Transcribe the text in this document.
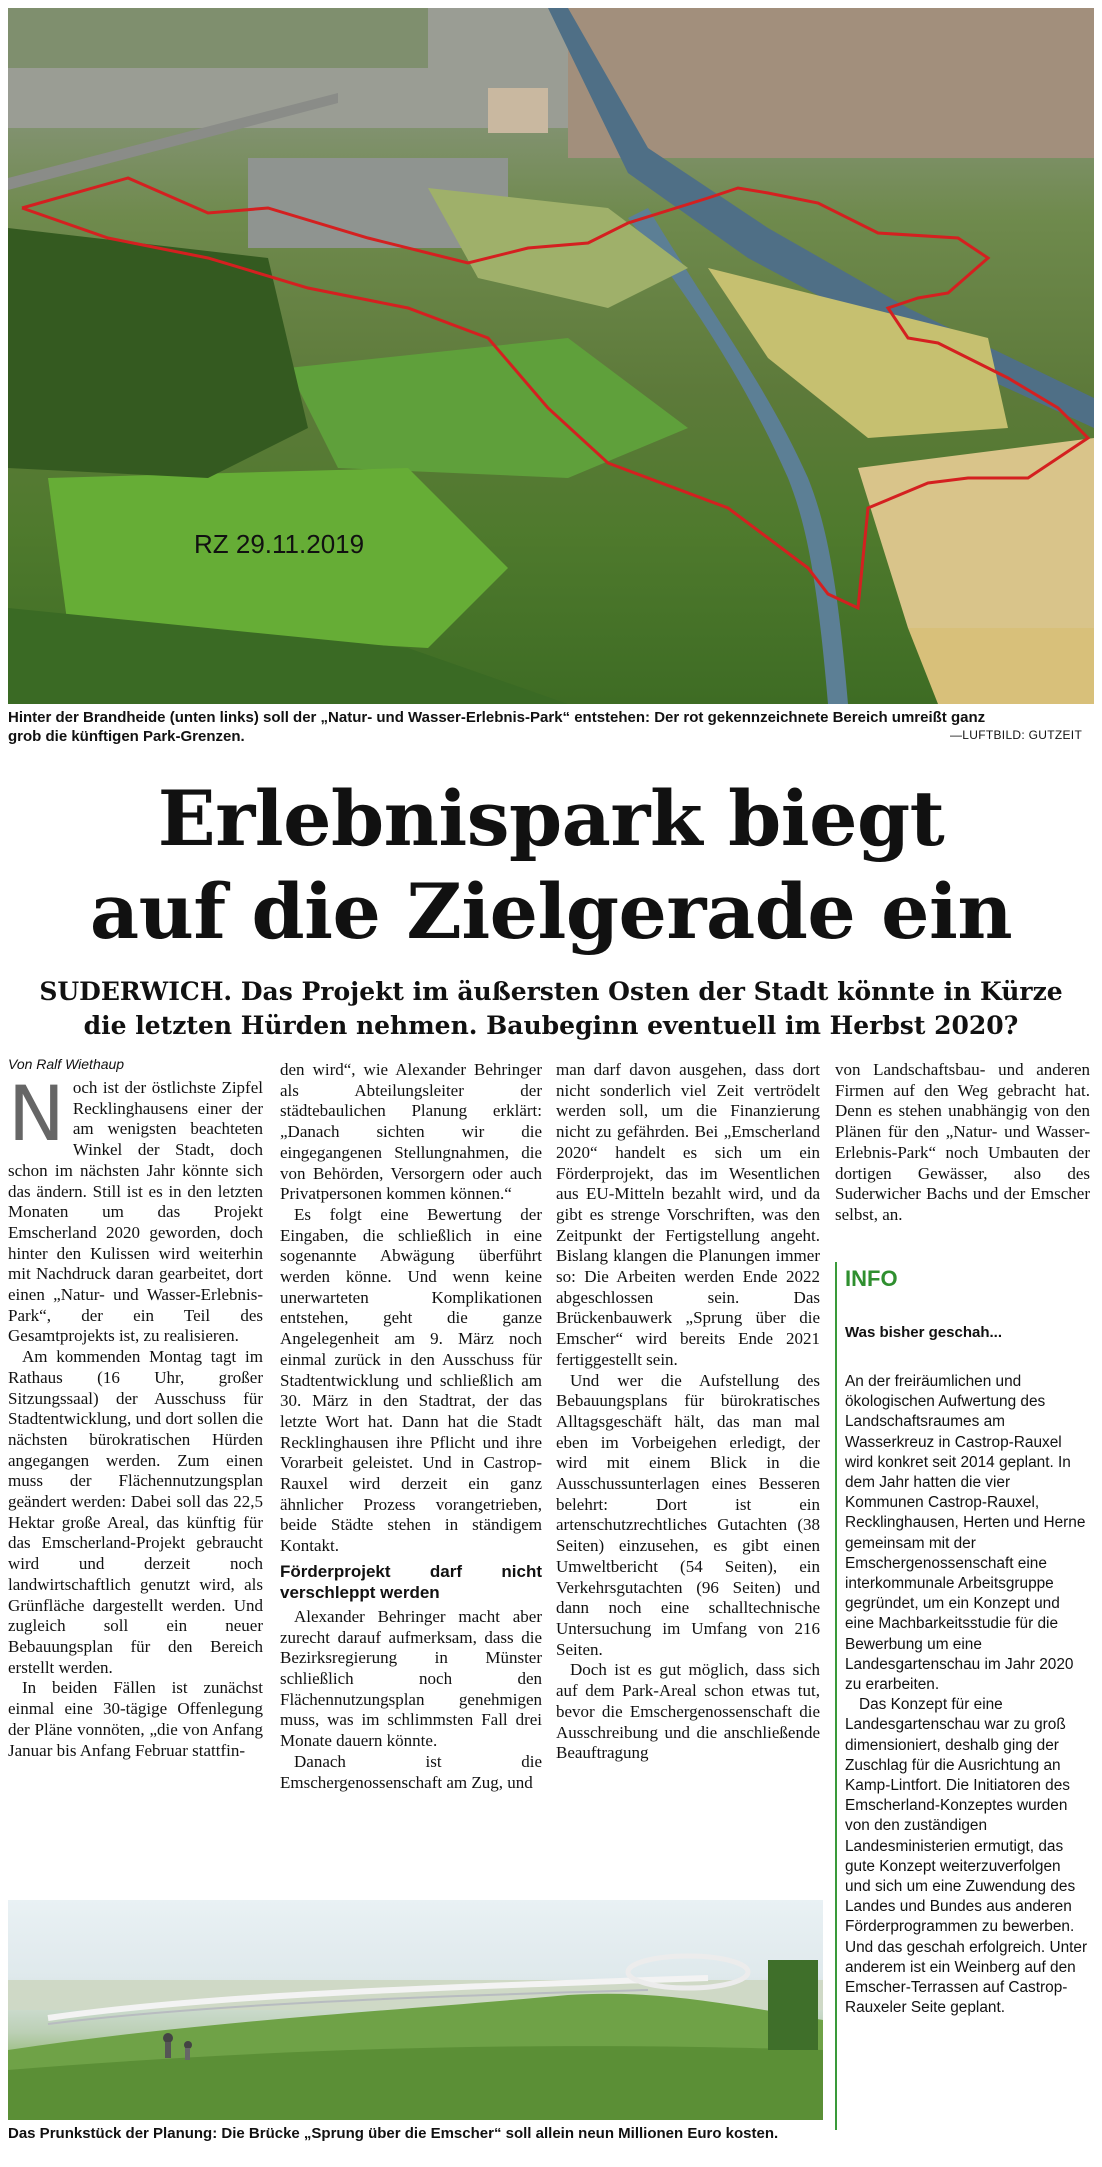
RZ 29.11.2019
Hinter der Brandheide (unten links) soll der „Natur- und Wasser-Erlebnis-Park“ entstehen: Der rot gekennzeichnete Bereich umreißt ganz grob die künftigen Park-Grenzen.	—LUFTBILD: GUTZEIT
Erlebnispark biegt
auf die Zielgerade ein
SUDERWICH. Das Projekt im äußersten Osten der Stadt könnte in Kürze die letzten Hürden nehmen. Baubeginn eventuell im Herbst 2020?
Von Ralf Wiethaup
N och ist der östlichste Zipfel Recklinghausens einer der am wenigsten beachteten Winkel der Stadt, doch schon im nächsten Jahr könnte sich das ändern. Still ist es in den letzten Monaten um das Projekt Emscherland 2020 geworden, doch hinter den Kulissen wird weiterhin mit Nachdruck daran gearbeitet, dort einen „Natur- und Wasser-Erlebnis-Park“, der ein Teil des Gesamtprojekts ist, zu realisieren.

Am kommenden Montag tagt im Rathaus (16 Uhr, großer Sitzungssaal) der Ausschuss für Stadtentwicklung, und dort sollen die nächsten bürokratischen Hürden angegangen werden. Zum einen muss der Flächennutzungsplan geändert werden: Dabei soll das 22,5 Hektar große Areal, das künftig für das Emscherland-Projekt gebraucht wird und derzeit noch landwirtschaftlich genutzt wird, als Grünfläche dargestellt werden. Und zugleich soll ein neuer Bebauungsplan für den Bereich erstellt werden.

In beiden Fällen ist zunächst einmal eine 30-tägige Offenlegung der Pläne vonnöten, „die von Anfang Januar bis Anfang Februar stattfin-

den wird“, wie Alexander Behringer als Abteilungsleiter der städtebaulichen Planung erklärt: „Danach sichten wir die eingegangenen Stellungnahmen, die von Behörden, Versorgern oder auch Privatpersonen kommen können.“

Es folgt eine Bewertung der Eingaben, die schließlich in eine sogenannte Abwägung überführt werden könne. Und wenn keine unerwarteten Komplikationen entstehen, geht die ganze Angelegenheit am 9. März noch einmal zurück in den Ausschuss für Stadtentwicklung und schließlich am 30. März in den Stadtrat, der das letzte Wort hat. Dann hat die Stadt Recklinghausen ihre Pflicht und ihre Vorarbeit geleistet. Und in Castrop-Rauxel wird derzeit ein ganz ähnlicher Prozess vorangetrieben, beide Städte stehen in ständigem Kontakt.

Förderprojekt darf nicht verschleppt werden

Alexander Behringer macht aber zurecht darauf aufmerksam, dass die Bezirksregierung in Münster schließlich noch den Flächennutzungsplan genehmigen muss, was im schlimmsten Fall drei Monate dauern könnte.

Danach ist die Emschergenossenschaft am Zug, und

man darf davon ausgehen, dass dort nicht sonderlich viel Zeit vertrödelt werden soll, um die Finanzierung nicht zu gefährden. Bei „Emscherland 2020“ handelt es sich um ein Förderprojekt, das im Wesentlichen aus EU-Mitteln bezahlt wird, und da gibt es strenge Vorschriften, was den Zeitpunkt der Fertigstellung angeht. Bislang klangen die Planungen immer so: Die Arbeiten werden Ende 2022 abgeschlossen sein. Das Brückenbauwerk „Sprung über die Emscher“ wird bereits Ende 2021 fertiggestellt sein.

Und wer die Aufstellung des Bebauungsplans für bürokratisches Alltagsgeschäft hält, das man mal eben im Vorbeigehen erledigt, der wird mit einem Blick in die Ausschussunterlagen eines Besseren belehrt: Dort ist ein artenschutzrechtliches Gutachten (38 Seiten) einzusehen, es gibt einen Umweltbericht (54 Seiten), ein Verkehrsgutachten (96 Seiten) und dann noch eine schalltechnische Untersuchung im Umfang von 216 Seiten.

Doch ist es gut möglich, dass sich auf dem Park-Areal schon etwas tut, bevor die Emschergenossenschaft die Ausschreibung und die anschließende Beauftragung

von Landschaftsbau- und anderen Firmen auf den Weg gebracht hat. Denn es stehen unabhängig von den Plänen für den „Natur- und Wasser-Erlebnis-Park“ noch Umbauten der dortigen Gewässer, also des Suderwicher Bachs und der Emscher selbst, an.

INFO
Was bisher geschah...

An der freiräumlichen und ökologischen Aufwertung des Landschaftsraumes am Wasserkreuz in Castrop-Rauxel wird konkret seit 2014 geplant. In dem Jahr hatten die vier Kommunen Castrop-Rauxel, Recklinghausen, Herten und Herne gemeinsam mit der Emschergenossenschaft eine interkommunale Arbeitsgruppe gegründet, um ein Konzept und eine Machbarkeitsstudie für die Bewerbung um eine Landesgartenschau im Jahr 2020 zu erarbeiten.

Das Konzept für eine Landesgartenschau war zu groß dimensioniert, deshalb ging der Zuschlag für die Ausrichtung an Kamp-Lintfort. Die Initiatoren des Emscherland-Konzeptes wurden von den zuständigen Landesministerien ermutigt, das gute Konzept weiterzuverfolgen und sich um eine Zuwendung des Landes und Bundes aus anderen Förderprogrammen zu bewerben. Und das geschah erfolgreich. Unter anderem ist ein Weinberg auf den Emscher-Terrassen auf Castrop-Rauxeler Seite geplant.

Das Prunkstück der Planung: Die Brücke „Sprung über die Emscher“ soll allein neun Millionen Euro kosten.
